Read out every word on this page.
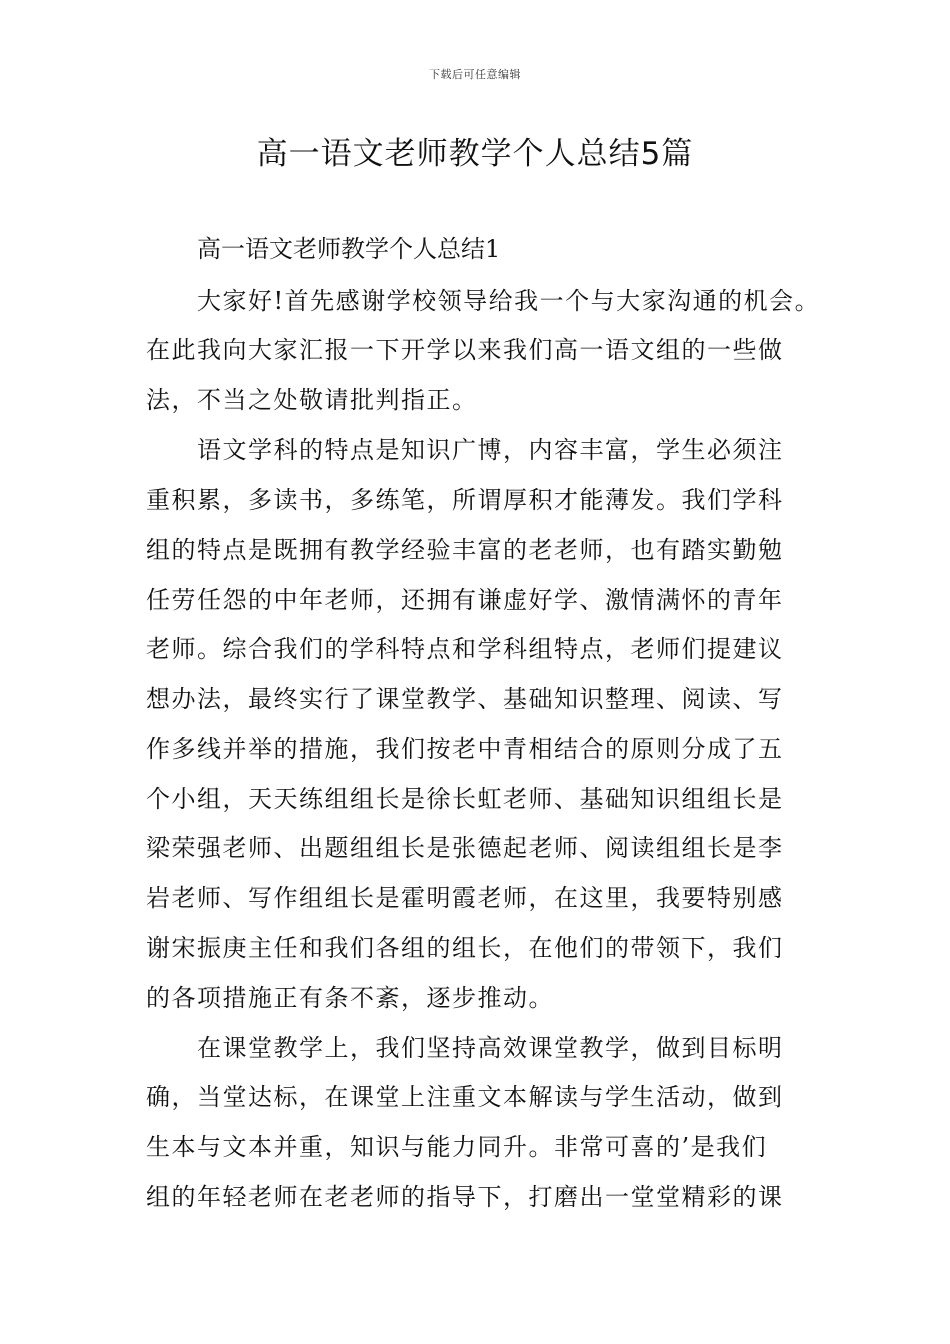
下载后可任意编辑
高一语文老师教学个人总结5篇
高一语文老师教学个人总结1
大家好!首先感谢学校领导给我一个与大家沟通的机会。
在此我向大家汇报一下开学以来我们高一语文组的一些做
法，不当之处敬请批判指正。
语文学科的特点是知识广博，内容丰富，学生必须注
重积累，多读书，多练笔，所谓厚积才能薄发。我们学科
组的特点是既拥有教学经验丰富的老老师，也有踏实勤勉
任劳任怨的中年老师，还拥有谦虚好学、激情满怀的青年
老师。综合我们的学科特点和学科组特点，老师们提建议
想办法，最终实行了课堂教学、基础知识整理、阅读、写
作多线并举的措施，我们按老中青相结合的原则分成了五
个小组，天天练组组长是徐长虹老师、基础知识组组长是
梁荣强老师、出题组组长是张德起老师、阅读组组长是李
岩老师、写作组组长是霍明霞老师，在这里，我要特别感
谢宋振庚主任和我们各组的组长，在他们的带领下，我们
的各项措施正有条不紊，逐步推动。
在课堂教学上，我们坚持高效课堂教学，做到目标明
确，当堂达标，在课堂上注重文本解读与学生活动，做到
生本与文本并重，知识与能力同升。非常可喜的’是我们
组的年轻老师在老老师的指导下，打磨出一堂堂精彩的课
